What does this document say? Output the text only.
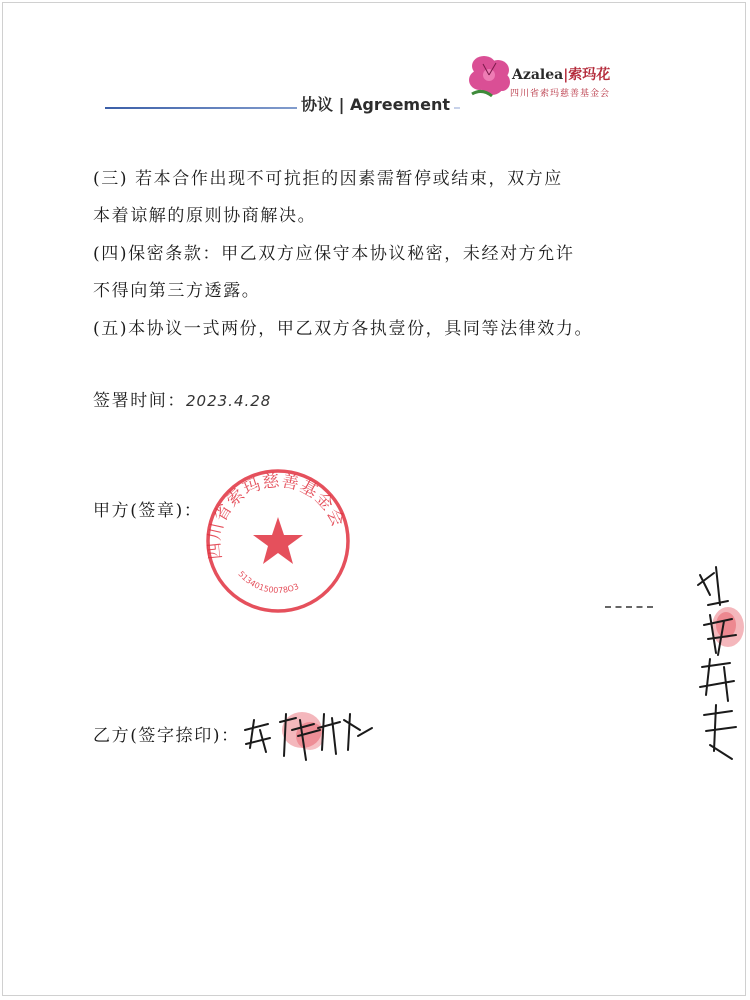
协议 | Agreement
Azalea|索玛花
四川省索玛慈善基金会
(三) 若本合作出现不可抗拒的因素需暂停或结束，双方应
本着谅解的原则协商解决。
(四)保密条款：甲乙双方应保守本协议秘密，未经对方允许
不得向第三方透露。
(五)本协议一式两份，甲乙双方各执壹份，具同等法律效力。
签署时间：2023.4.28
甲方(签章)：
四川省索玛慈善基金会
51340150078O3
乙方(签字捺印)：
